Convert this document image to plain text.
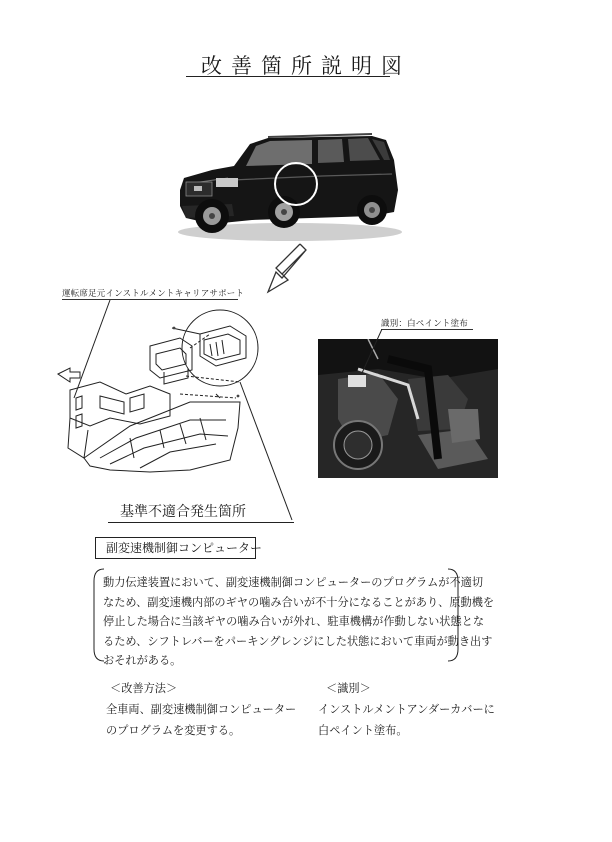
改善箇所説明図
運転席足元インストルメントキャリアサポート
基準不適合発生箇所
識別：白ペイント塗布
副変速機制御コンピューター
動力伝達装置において、副変速機制御コンピューターのプログラムが不適切
なため、副変速機内部のギヤの噛み合いが不十分になることがあり、原動機を
停止した場合に当該ギヤの噛み合いが外れ、駐車機構が作動しない状態とな
るため、シフトレバーをパーキングレンジにした状態において車両が動き出す
おそれがある。
＜改善方法＞
全車両、副変速機制御コンピューター
のプログラムを変更する。
＜識別＞
インストルメントアンダーカバーに
白ペイント塗布。
